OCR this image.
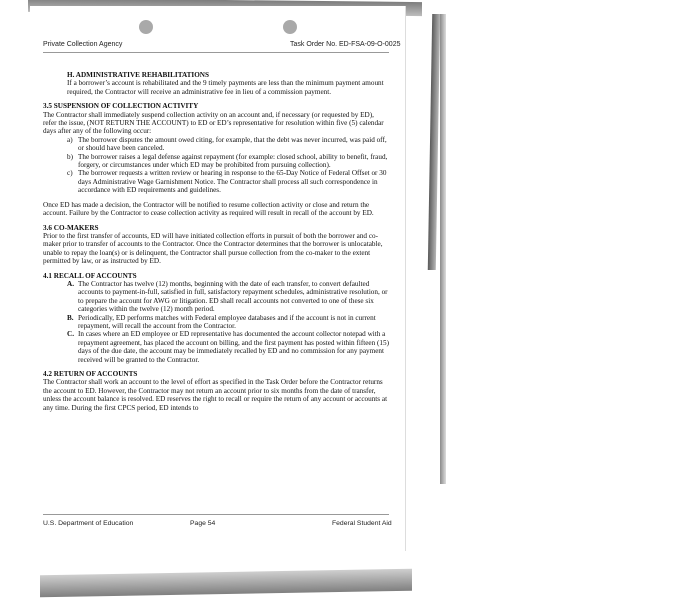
Private Collection Agency	Task Order No. ED-FSA-09-O-0025

H. ADMINISTRATIVE REHABILITATIONS

If a borrower’s account is rehabilitated and the 9 timely payments are less than the minimum payment amount required, the Contractor will receive an administrative fee in lieu of a commission payment.

3.5 SUSPENSION OF COLLECTION ACTIVITY

The Contractor shall immediately suspend collection activity on an account and, if necessary (or requested by ED), refer the issue, (NOT RETURN THE ACCOUNT) to ED or ED’s representative for resolution within five (5) calendar days after any of the following occur:

a) The borrower disputes the amount owed citing, for example, that the debt was never incurred, was paid off, or should have been canceled.
b) The borrower raises a legal defense against repayment (for example: closed school, ability to benefit, fraud, forgery, or circumstances under which ED may be prohibited from pursuing collection).
c) The borrower requests a written review or hearing in response to the 65-Day Notice of Federal Offset or 30 days Administrative Wage Garnishment Notice. The Contractor shall process all such correspondence in accordance with ED requirements and guidelines.

Once ED has made a decision, the Contractor will be notified to resume collection activity or close and return the account. Failure by the Contractor to cease collection activity as required will result in recall of the account by ED.

3.6 CO-MAKERS

Prior to the first transfer of accounts, ED will have initiated collection efforts in pursuit of both the borrower and co-maker prior to transfer of accounts to the Contractor. Once the Contractor determines that the borrower is unlocatable, unable to repay the loan(s) or is delinquent, the Contractor shall pursue collection from the co-maker to the extent permitted by law, or as instructed by ED.

4.1 RECALL OF ACCOUNTS

A. The Contractor has twelve (12) months, beginning with the date of each transfer, to convert defaulted accounts to payment-in-full, satisfied in full, satisfactory repayment schedules, administrative resolution, or to prepare the account for AWG or litigation. ED shall recall accounts not converted to one of these six categories within the twelve (12) month period.
B. Periodically, ED performs matches with Federal employee databases and if the account is not in current repayment, will recall the account from the Contractor.
C. In cases where an ED employee or ED representative has documented the account collector notepad with a repayment agreement, has placed the account on billing, and the first payment has posted within fifteen (15) days of the due date, the account may be immediately recalled by ED and no commission for any payment received will be granted to the Contractor.

4.2 RETURN OF ACCOUNTS

The Contractor shall work an account to the level of effort as specified in the Task Order before the Contractor returns the account to ED. However, the Contractor may not return an account prior to six months from the date of transfer, unless the account balance is resolved. ED reserves the right to recall or require the return of any account or accounts at any time. During the first CPCS period, ED intends to

U.S. Department of Education	Page 54	Federal Student Aid
